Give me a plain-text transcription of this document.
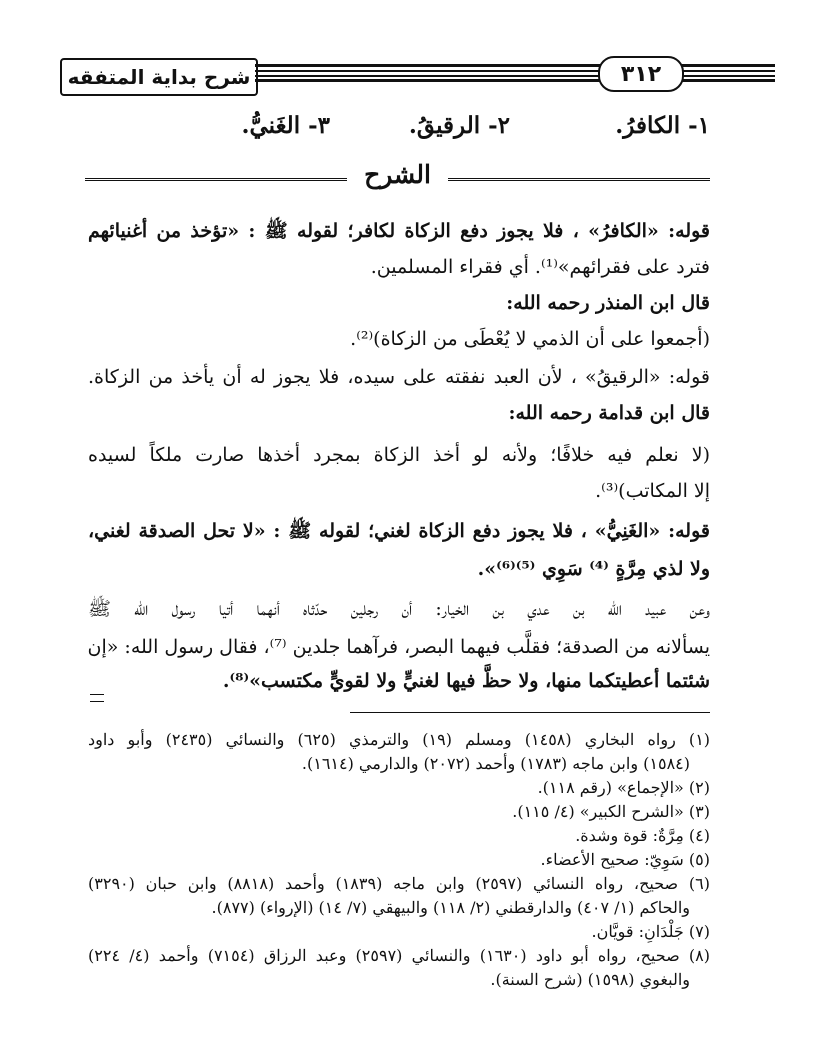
شرح بداية المتفقه	٣١٢
١- الكافرُ.
٢- الرقيقُ.
٣- الغَنيُّ.
الشرح
قوله: «الكافرُ» ، فلا يجوز دفع الزكاة لكافر؛ لقوله ﷺ : «تؤخذ من أغنيائهم
فترد على فقرائهم»⁽¹⁾. أي فقراء المسلمين.
قال ابن المنذر رحمه الله:
(أجمعوا على أن الذمي لا يُعْطَى من الزكاة)⁽²⁾.
قوله: «الرقيقُ» ، لأن العبد نفقته على سيده، فلا يجوز له أن يأخذ من الزكاة.
قال ابن قدامة رحمه الله:
(لا نعلم فيه خلافًا؛ ولأنه لو أخذ الزكاة بمجرد أخذها صارت ملكاً لسيده
إلا المكاتب)⁽³⁾.
قوله: «الغَنِيُّ» ، فلا يجوز دفع الزكاة لغني؛ لقوله ﷺ : «لا تحل الصدقة لغني،
ولا لذي مِرَّةٍ ⁽⁴⁾ سَوِي ⁽⁵⁾⁽⁶⁾».
وعن عبيد الله بن عدي بن الخيار: أن رجلين حدّثاه أنهما أتيا رسول الله ﷺ
يسألانه من الصدقة؛ فقلَّب فيهما البصر، فرآهما جلدين ⁽⁷⁾، فقال رسول الله: «إن
شئتما أعطيتكما منها، ولا حظَّ فيها لغنيٍّ ولا لقويٍّ مكتسب»⁽⁸⁾.
(١) رواه البخاري (١٤٥٨) ومسلم (١٩) والترمذي (٦٢٥) والنسائي (٢٤٣٥) وأبو داود
(١٥٨٤) وابن ماجه (١٧٨٣) وأحمد (٢٠٧٢) والدارمي (١٦١٤).
(٢) «الإجماع» (رقم ١١٨).
(٣) «الشرح الكبير» (٤/ ١١٥).
(٤) مِرَّةٌ: قوة وشدة.
(٥) سَوِيّ: صحيح الأعضاء.
(٦) صحيح، رواه النسائي (٢٥٩٧) وابن ماجه (١٨٣٩) وأحمد (٨٨١٨) وابن حبان (٣٢٩٠)
والحاكم (١/ ٤٠٧) والدارقطني (٢/ ١١٨) والبيهقي (٧/ ١٤) (الإرواء) (٨٧٧).
(٧) جَلْدَانِ: قويَّان.
(٨) صحيح، رواه أبو داود (١٦٣٠) والنسائي (٢٥٩٧) وعبد الرزاق (٧١٥٤) وأحمد (٤/ ٢٢٤)
والبغوي (١٥٩٨) (شرح السنة).
